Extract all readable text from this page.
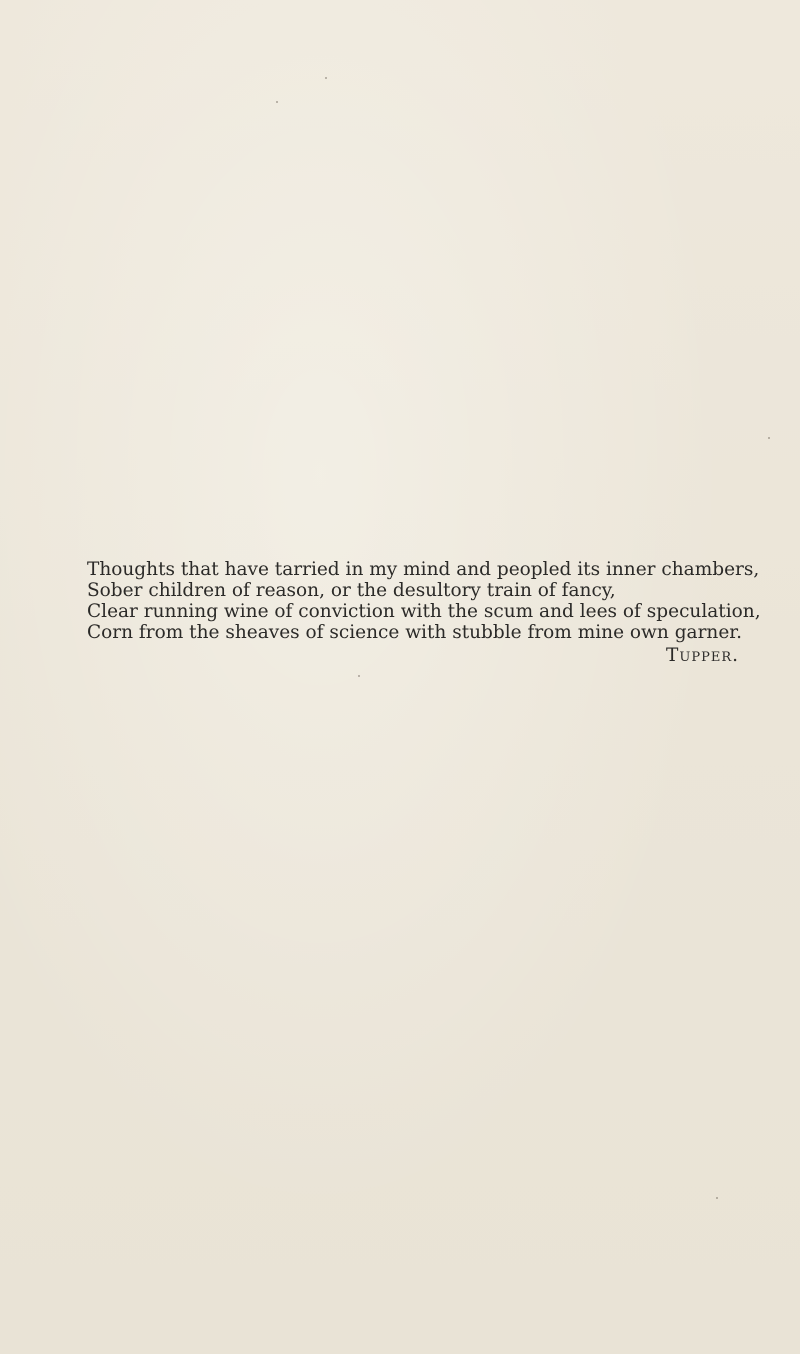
Thoughts that have tarried in my mind and peopled its inner chambers,
Sober children of reason, or the desultory train of fancy,
Clear running wine of conviction with the scum and lees of speculation,
Corn from the sheaves of science with stubble from mine own garner.
Tupper.
